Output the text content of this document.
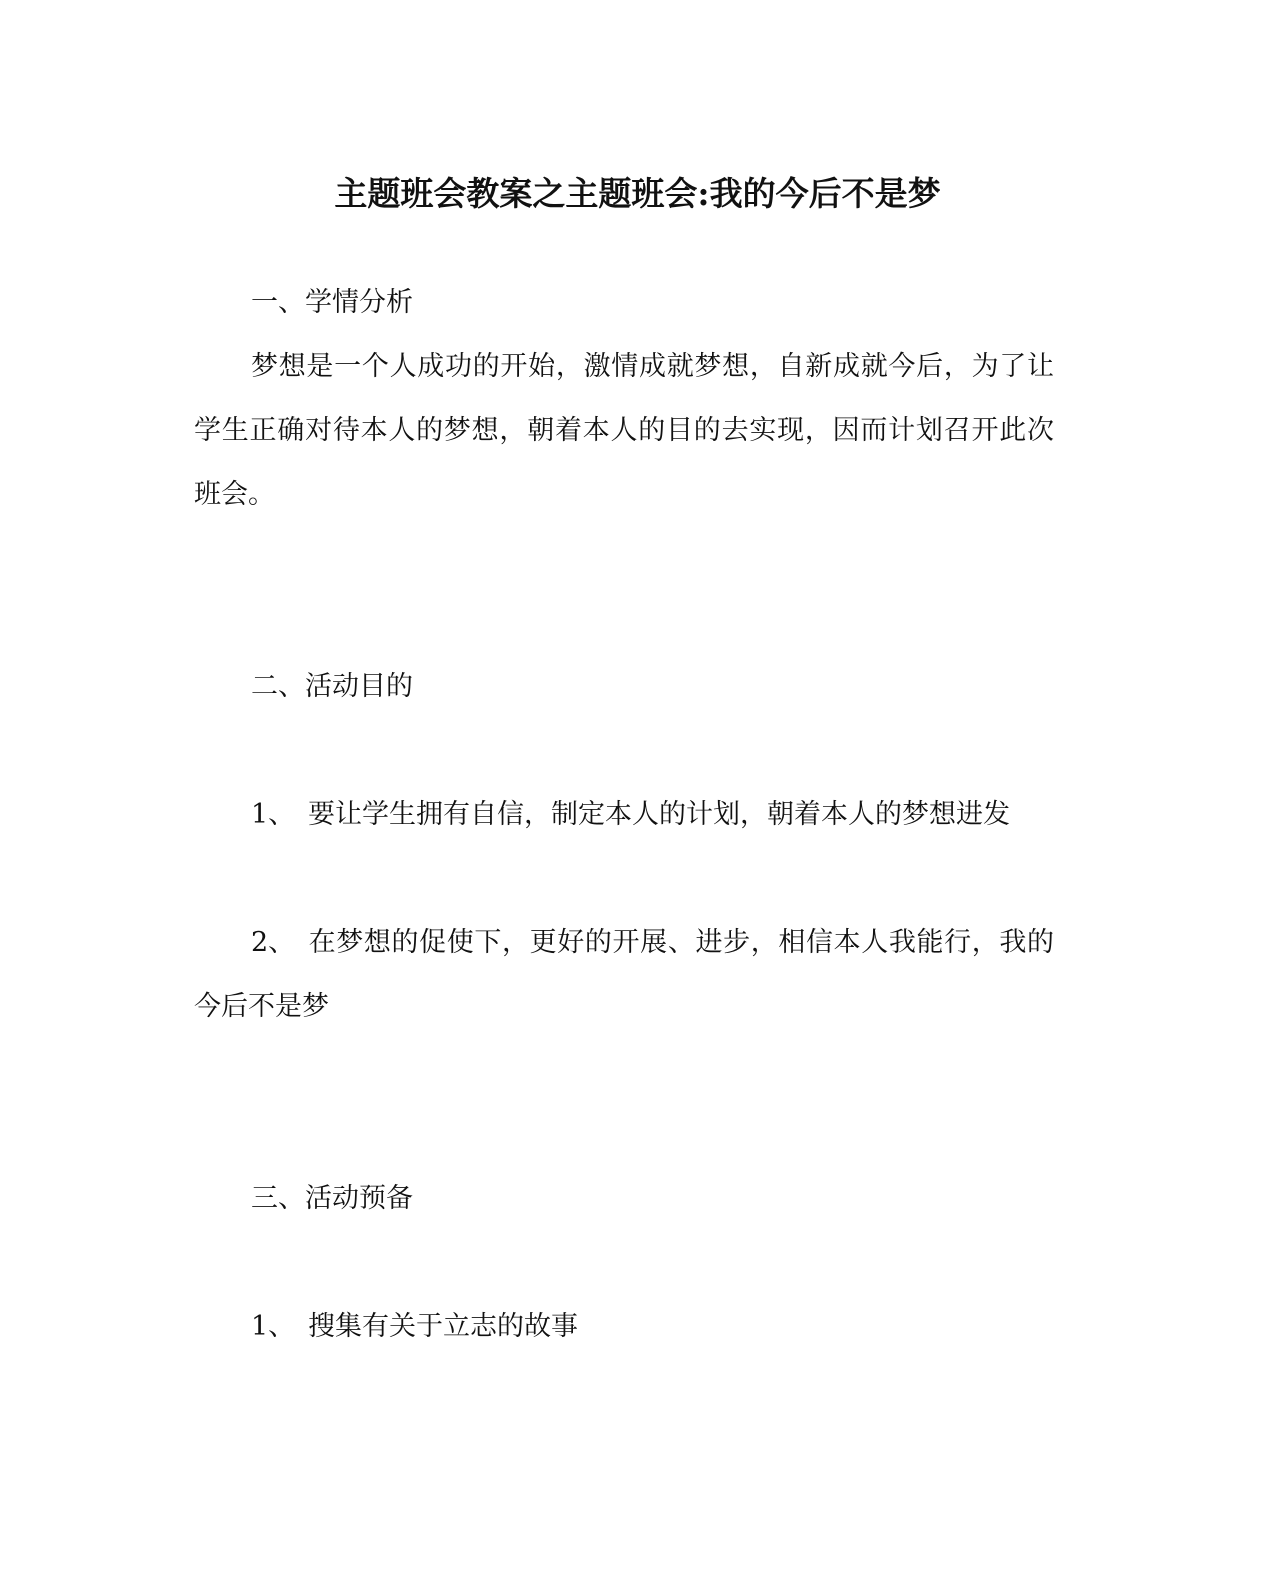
主题班会教案之主题班会:我的今后不是梦
一、学情分析
梦想是一个人成功的开始，激情成就梦想，自新成就今后，为了让学生正确对待本人的梦想，朝着本人的目的去实现，因而计划召开此次班会。
二、活动目的
1、 要让学生拥有自信，制定本人的计划，朝着本人的梦想进发
2、 在梦想的促使下，更好的开展、进步，相信本人我能行，我的今后不是梦
三、活动预备
1、 搜集有关于立志的故事
